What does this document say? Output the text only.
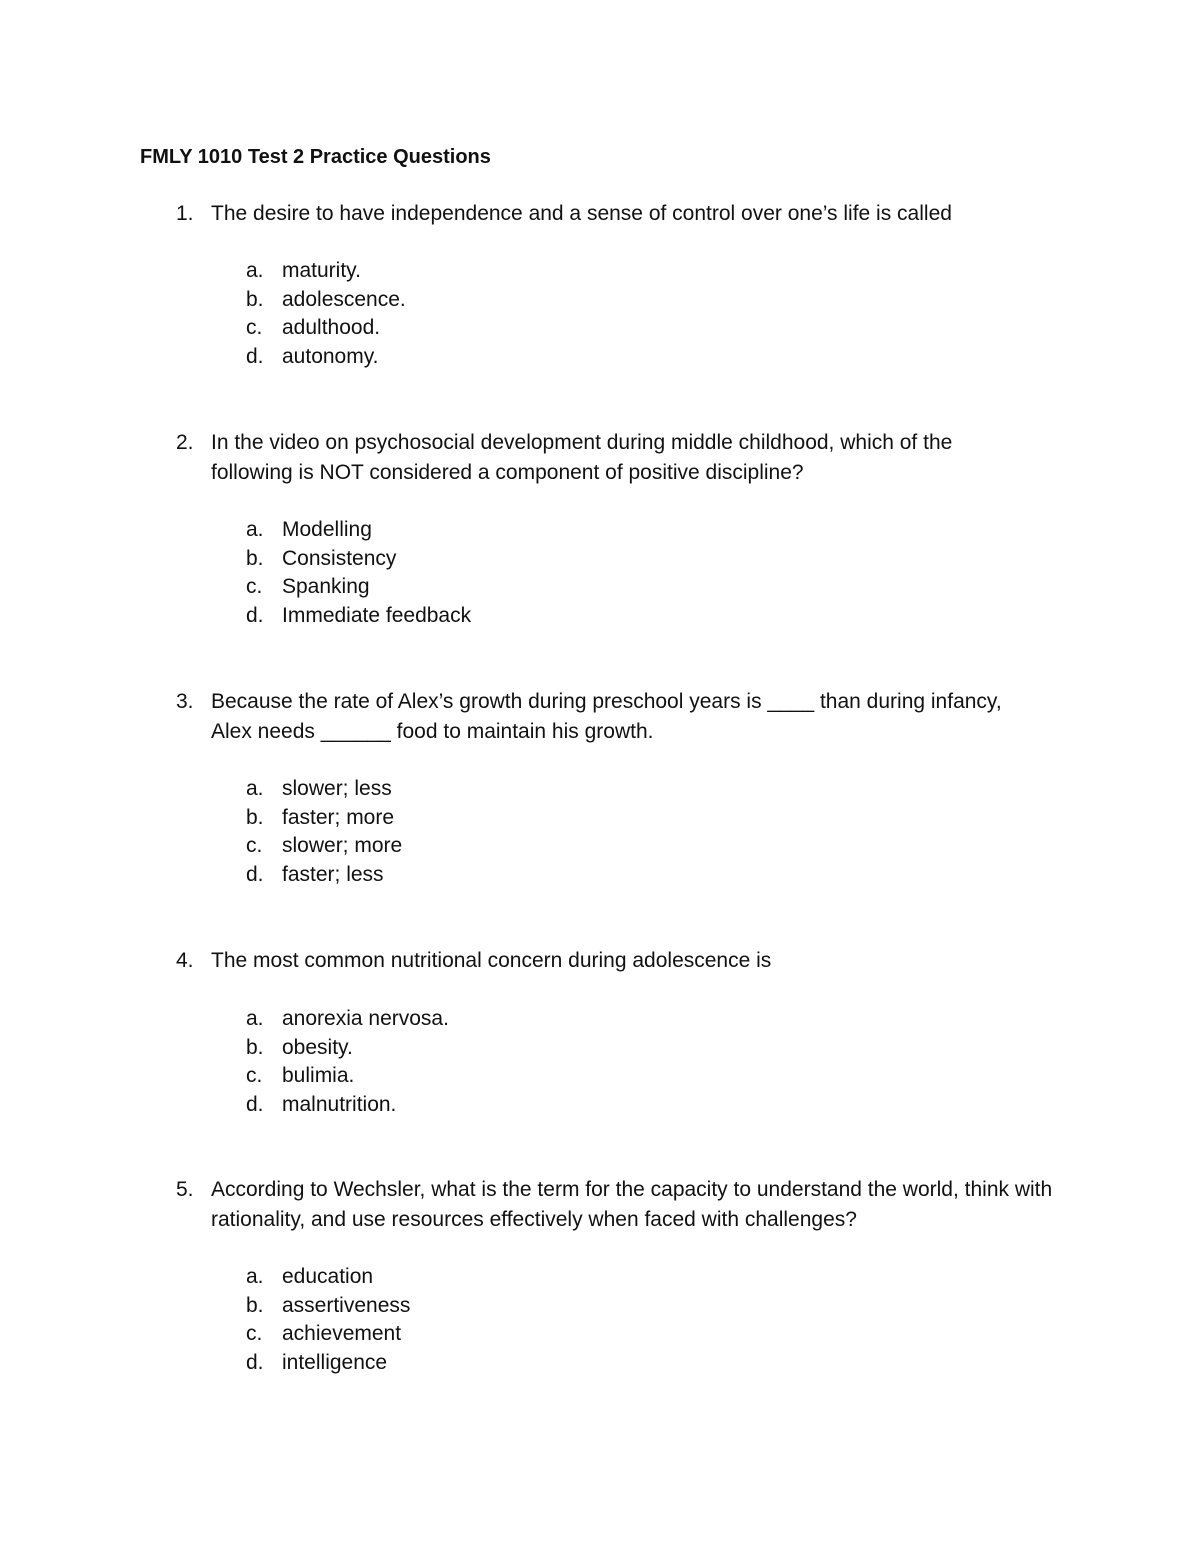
FMLY 1010 Test 2 Practice Questions
1. The desire to have independence and a sense of control over one’s life is called
a. maturity.
b. adolescence.
c. adulthood.
d. autonomy.
2. In the video on psychosocial development during middle childhood, which of the following is NOT considered a component of positive discipline?
a. Modelling
b. Consistency
c. Spanking
d. Immediate feedback
3. Because the rate of Alex’s growth during preschool years is ____ than during infancy, Alex needs ______ food to maintain his growth.
a. slower; less
b. faster; more
c. slower; more
d. faster; less
4. The most common nutritional concern during adolescence is
a. anorexia nervosa.
b. obesity.
c. bulimia.
d. malnutrition.
5. According to Wechsler, what is the term for the capacity to understand the world, think with rationality, and use resources effectively when faced with challenges?
a. education
b. assertiveness
c. achievement
d. intelligence
